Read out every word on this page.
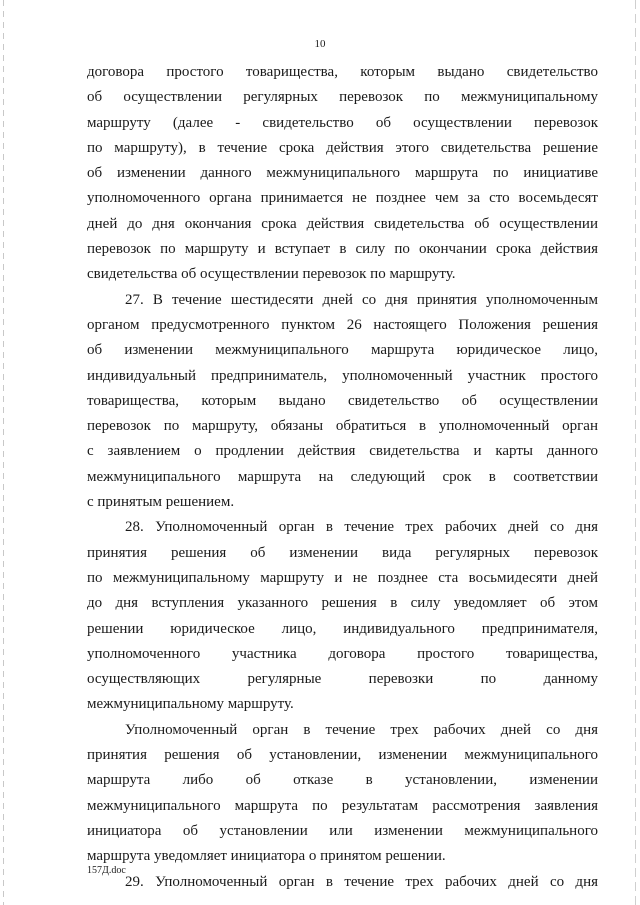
10
договора простого товарищества, которым выдано свидетельство
об осуществлении регулярных перевозок по межмуниципальному
маршруту (далее - свидетельство об осуществлении перевозок
по маршруту), в течение срока действия этого свидетельства решение
об изменении данного межмуниципального маршрута по инициативе
уполномоченного органа принимается не позднее чем за сто восемьдесят
дней до дня окончания срока действия свидетельства об осуществлении
перевозок по маршруту и вступает в силу по окончании срока действия
свидетельства об осуществлении перевозок по маршруту.
27. В течение шестидесяти дней со дня принятия уполномоченным
органом предусмотренного пунктом 26 настоящего Положения решения
об изменении межмуниципального маршрута юридическое лицо,
индивидуальный предприниматель, уполномоченный участник простого
товарищества, которым выдано свидетельство об осуществлении
перевозок по маршруту, обязаны обратиться в уполномоченный орган
с заявлением о продлении действия свидетельства и карты данного
межмуниципального маршрута на следующий срок в соответствии
с принятым решением.
28. Уполномоченный орган в течение трех рабочих дней со дня
принятия решения об изменении вида регулярных перевозок
по межмуниципальному маршруту и не позднее ста восьмидесяти дней
до дня вступления указанного решения в силу уведомляет об этом
решении юридическое лицо, индивидуального предпринимателя,
уполномоченного участника договора простого товарищества,
осуществляющих регулярные перевозки по данному
межмуниципальному маршруту.
Уполномоченный орган в течение трех рабочих дней со дня
принятия решения об установлении, изменении межмуниципального
маршрута либо об отказе в установлении, изменении
межмуниципального маршрута по результатам рассмотрения заявления
инициатора об установлении или изменении межмуниципального
маршрута уведомляет инициатора о принятом решении.
29. Уполномоченный орган в течение трех рабочих дней со дня
157Д.doc
